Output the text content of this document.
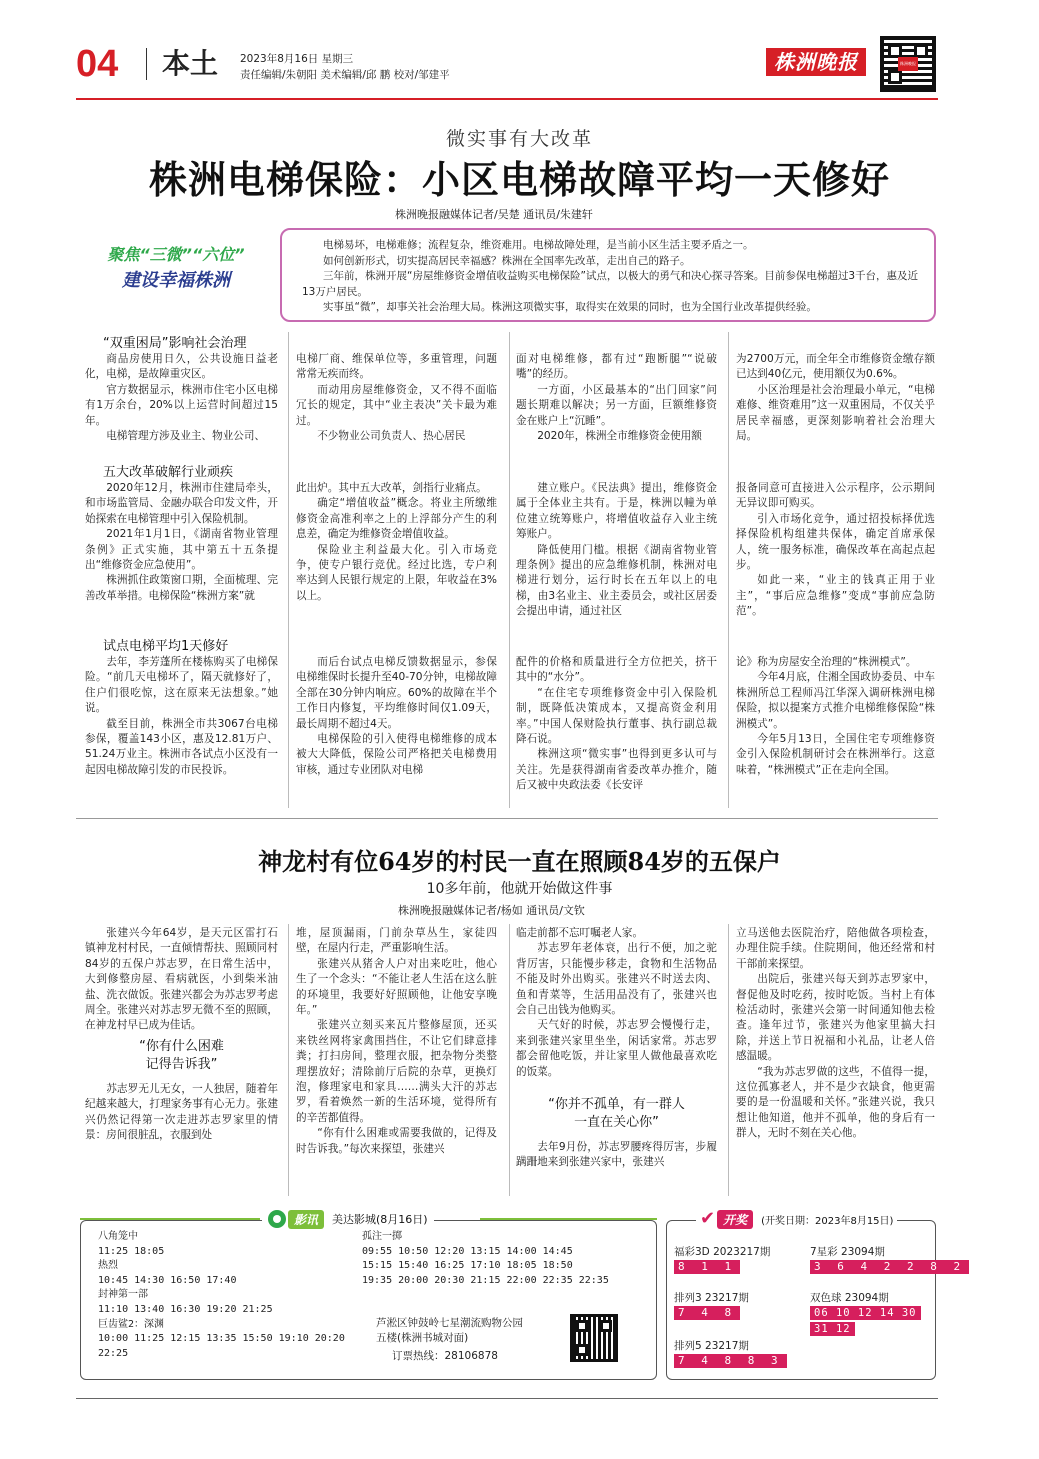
04 本土 2023年8月16日 星期三
责任编辑/朱朝阳 美术编辑/邱 鹏 校对/邹建平
株洲晚报	株洲晚报
微实事有大改革
株洲电梯保险：小区电梯故障平均一天修好
株洲晚报融媒体记者/吴楚 通讯员/朱建轩
聚焦“三微”“六位”
建设幸福株洲

电梯易坏，电梯难修；流程复杂，维资难用。电梯故障处理，是当前小区生活主要矛盾之一。

如何创新形式，切实提高居民幸福感？株洲在全国率先改革，走出自己的路子。

三年前，株洲开展“房屋维修资金增值收益购买电梯保险”试点，以极大的勇气和决心探寻答案。目前参保电梯超过3千台，惠及近13万户居民。

实事虽“微”，却事关社会治理大局。株洲这项微实事，取得实在效果的同时，也为全国行业改革提供经验。

“双重困局”影响社会治理

商品房使用日久，公共设施日益老化，电梯，是故障重灾区。

官方数据显示，株洲市住宅小区电梯有1万余台，20%以上运营时间超过15年。

电梯管理方涉及业主、物业公司、

电梯厂商、维保单位等，多重管理，问题常常无疾而终。

而动用房屋维修资金，又不得不面临冗长的规定，其中“业主表决”关卡最为难过。

不少物业公司负责人、热心居民

面对电梯维修，都有过“跑断腿”“说破嘴”的经历。

一方面，小区最基本的“出门回家”问题长期难以解决；另一方面，巨额维修资金在账户上“沉睡”。

2020年，株洲全市维修资金使用额

为2700万元，而全年全市维修资金缴存额已达到40亿元，使用额仅为0.6%。

小区治理是社会治理最小单元，“电梯难修、维资难用”这一双重困局，不仅关乎居民幸福感，更深刻影响着社会治理大局。

五大改革破解行业顽疾

2020年12月，株洲市住建局牵头，和市场监管局、金融办联合印发文件，开始探索在电梯管理中引入保险机制。

2021年1月1日，《湖南省物业管理条例》正式实施，其中第五十五条提出“维修资金应急使用”。

株洲抓住政策窗口期，全面梳理、完善改革举措。电梯保险“株洲方案”就

此出炉。其中五大改革，剑指行业痛点。

确定“增值收益”概念。将业主所缴维修资金高准利率之上的上浮部分产生的利息差，确定为维修资金增值收益。

保险业主利益最大化。引入市场竞争，使专户银行竞优。经过比选，专户利率达到人民银行规定的上限，年收益在3%以上。

建立账户。《民法典》提出，维修资金属于全体业主共有。于是，株洲以幢为单位建立统筹账户，将增值收益存入业主统筹账户。

降低使用门槛。根据《湖南省物业管理条例》提出的应急维修机制，株洲对电梯进行划分，运行时长在五年以上的电梯，由3名业主、业主委员会，或社区居委会提出申请，通过社区

报备同意可直接进入公示程序，公示期间无异议即可购买。

引入市场化竞争，通过招投标择优选择保险机构组建共保体，确定首席承保人，统一服务标准，确保改革在高起点起步。

如此一来，“业主的钱真正用于业主”，“事后应急维修”变成“事前应急防范”。

试点电梯平均1天修好

去年，李芳蓬所在楼栋购买了电梯保险。“前几天电梯坏了，隔天就修好了，住户们很吃惊，这在原来无法想象。”她说。

截至目前，株洲全市共3067台电梯参保，覆盖143小区，惠及12.81万户、51.24万业主。株洲市各试点小区没有一起因电梯故障引发的市民投诉。

而后台试点电梯反馈数据显示，参保电梯维保时长提升至40-70分钟，电梯故障全部在30分钟内响应。60%的故障在半个工作日内修复，平均维修时间仅1.09天，最长周期不超过4天。

电梯保险的引入使得电梯维修的成本被大大降低，保险公司严格把关电梯费用审核，通过专业团队对电梯

配件的价格和质量进行全方位把关，挤干其中的“水分”。

“在住宅专项维修资金中引入保险机制，既降低决策成本，又提高资金利用率。”中国人保财险执行董事、执行副总裁降石说。

株洲这项“微实事”也得到更多认可与关注。先是获得湖南省委改革办推介，随后又被中央政法委《长安评

论》称为房屋安全治理的“株洲模式”。

今年4月底，住湘全国政协委员、中车株洲所总工程师冯江华深入调研株洲电梯保险，拟以提案方式推介电梯维修保险“株洲模式”。

今年5月13日，全国住宅专项维修资金引入保险机制研讨会在株洲举行。这意味着，“株洲模式”正在走向全国。

神龙村有位64岁的村民一直在照顾84岁的五保户
10多年前，他就开始做这件事
株洲晚报融媒体记者/杨如 通讯员/文钦

张建兴今年64岁，是天元区雷打石镇神龙村村民，一直倾情帮扶、照顾同村84岁的五保户苏志罗，在日常生活中，大到修整房屋、看病就医，小到柴米油盐、洗衣做饭。张建兴都会为苏志罗考虑周全。张建兴对苏志罗无微不至的照顾，在神龙村早已成为佳话。

“你有什么困难
记得告诉我”

苏志罗无儿无女，一人独居，随着年纪越来越大，打理家务事有心无力。张建兴仍然记得第一次走进苏志罗家里的情景：房间很脏乱，衣服到处

堆，屋顶漏雨，门前杂草丛生，家徒四壁，在屋内行走，严重影响生活。

张建兴从猪舍人户对出来吃吐，他心生了一个念头：“不能让老人生活在这么脏的环境里，我要好好照顾他，让他安享晚年。”

张建兴立刻买来瓦片整修屋顶，还买来铁丝网将家禽围挡住，不让它们肆意排粪；打扫房间，整理衣服，把杂物分类整理摆放好；清除前厅后院的杂草，更换灯泡，修理家电和家具……满头大汗的苏志罗，看着焕然一新的生活环境，觉得所有的辛苦都值得。

“你有什么困难或需要我做的，记得及时告诉我。”每次来探望，张建兴

临走前都不忘叮嘱老人家。

苏志罗年老体衰，出行不便，加之驼背厉害，只能慢步移走，食物和生活物品不能及时外出购买。张建兴不时送去肉、鱼和青菜等，生活用品没有了，张建兴也会自己出钱为他购买。

天气好的时候，苏志罗会慢慢行走，来到张建兴家里坐坐，闲话家常。苏志罗都会留他吃饭，并让家里人做他最喜欢吃的饭菜。

“你并不孤单，有一群人
一直在关心你”

去年9月份，苏志罗腰疼得厉害，步履蹒跚地来到张建兴家中，张建兴

立马送他去医院治疗，陪他做各项检查，办理住院手续。住院期间，他还经常和村干部前来探望。

出院后，张建兴每天到苏志罗家中，督促他及时吃药，按时吃饭。当村上有体检活动时，张建兴会第一时间通知他去检查。逢年过节，张建兴为他家里搞大扫除，并送上节日祝福和小礼品，让老人倍感温暖。

“我为苏志罗做的这些，不值得一提，这位孤寡老人，并不是少衣缺食，他更需要的是一份温暖和关怀。”张建兴说，我只想让他知道，他并不孤单，他的身后有一群人，无时不刻在关心他。

影讯	美达影城(8月16日)
八角笼中
11:25 18:05
热烈
10:45 14:30 16:50 17:40
封神第一部
11:10 13:40 16:30 19:20 21:25
巨齿鲨2：深渊
10:00 11:25 12:15 13:35 15:50 19:10 20:20
22:25
孤注一掷
09:55 10:50 12:20 13:15 14:00 14:45
15:15 15:40 16:25 17:10 18:05 18:50
19:35 20:00 20:30 21:15 22:00 22:35 22:35
芦淞区钟鼓岭七星潮流购物公园
五楼(株洲书城对面)
订票热线：28106878
✔ 开奖	(开奖日期：2023年8月15日)
福彩3D 2023217期
8 1 1
7星彩 23094期
3 6 4 2 2 8 2
排列3 23217期
7 4 8
双色球 23094期
06 10 12 14 30
31 12
排列5 23217期
7 4 8 8 3
